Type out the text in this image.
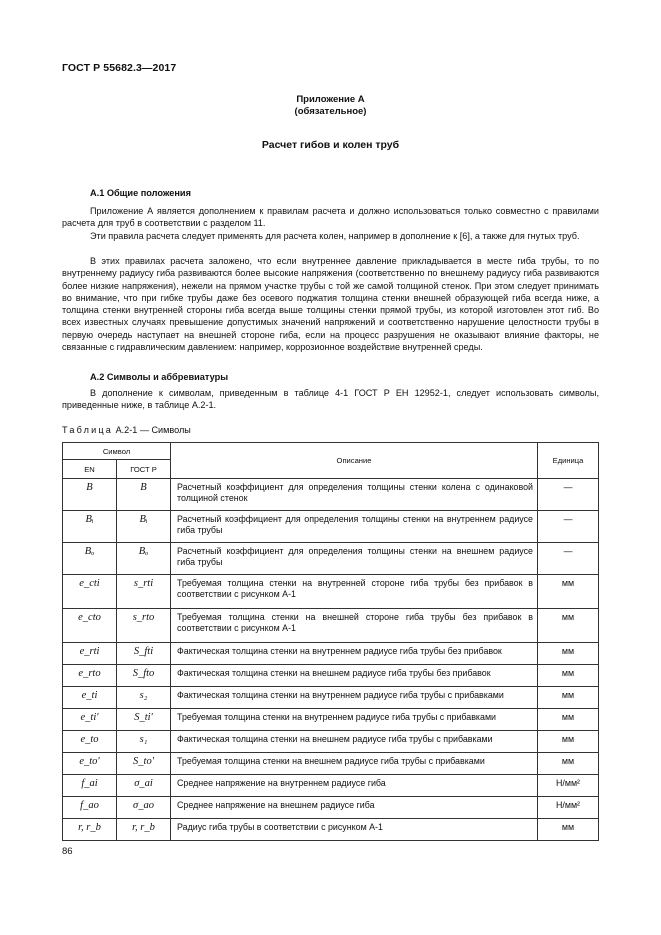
ГОСТ Р 55682.3—2017
Приложение А
(обязательное)
Расчет гибов и колен труб
А.1 Общие положения

Приложение А является дополнением к правилам расчета и должно использоваться только совместно с правилами расчета для труб в соответствии с разделом 11.

Эти правила расчета следует применять для расчета колен, например в дополнение к [6], а также для гнутых труб.

В этих правилах расчета заложено, что если внутреннее давление прикладывается в месте гиба трубы, то по внутреннему радиусу гиба развиваются более высокие напряжения (соответственно по внешнему радиусу гиба развиваются более низкие напряжения), нежели на прямом участке трубы с той же самой толщиной стенок. При этом следует принимать во внимание, что при гибке трубы даже без осевого поджатия толщина стенки внешней образующей гиба всегда ниже, а толщина стенки внутренней стороны гиба всегда выше толщины стенки прямой трубы, из которой изготовлен этот гиб. Во всех известных случаях превышение допустимых значений напряжений и соответственно нарушение целостности трубы в первую очередь наступает на внешней стороне гиба, если на процесс разрушения не оказывают влияние факторы, не связанные с гидравлическим давлением: например, коррозионное воздействие внутренней среды.

А.2 Символы и аббревиатуры

В дополнение к символам, приведенным в таблице 4-1 ГОСТ Р ЕН 12952-1, следует использовать символы, приведенные ниже, в таблице А.2-1.

Таблица А.2-1 — Символы
Символ		Описание	Единица
EN	ГОСТ Р		
B	B	Расчетный коэффициент для определения толщины стенки колена с одинаковой толщиной стенок	—
Bᵢ	Bᵢ	Расчетный коэффициент для определения толщины стенки на внутреннем радиусе гиба трубы	—
Bₒ	Bₒ	Расчетный коэффициент для определения толщины стенки на внешнем радиусе гиба трубы	—
e_cti	s_rti	Требуемая толщина стенки на внутренней стороне гиба трубы без прибавок в соответствии с рисунком А-1	мм
e_cto	s_rto	Требуемая толщина стенки на внешней стороне гиба трубы без прибавок в соответствии с рисунком А-1	мм
e_rti	S_fti	Фактическая толщина стенки на внутреннем радиусе гиба трубы без прибавок	мм
e_rto	S_fto	Фактическая толщина стенки на внешнем радиусе гиба трубы без прибавок	мм
e_ti	s₂	Фактическая толщина стенки на внутреннем радиусе гиба трубы с прибавками	мм
e_ti'	S_ti'	Требуемая толщина стенки на внутреннем радиусе гиба трубы с прибавками	мм
e_to	s₁	Фактическая толщина стенки на внешнем радиусе гиба трубы с прибавками	мм
e_to'	S_to'	Требуемая толщина стенки на внешнем радиусе гиба трубы с прибавками	мм
f_ai	σ_ai	Среднее напряжение на внутреннем радиусе гиба	Н/мм²
f_ao	σ_ao	Среднее напряжение на внешнем радиусе гиба	Н/мм²
r, r_b	r, r_b	Радиус гиба трубы в соответствии с рисунком А-1	мм
86
